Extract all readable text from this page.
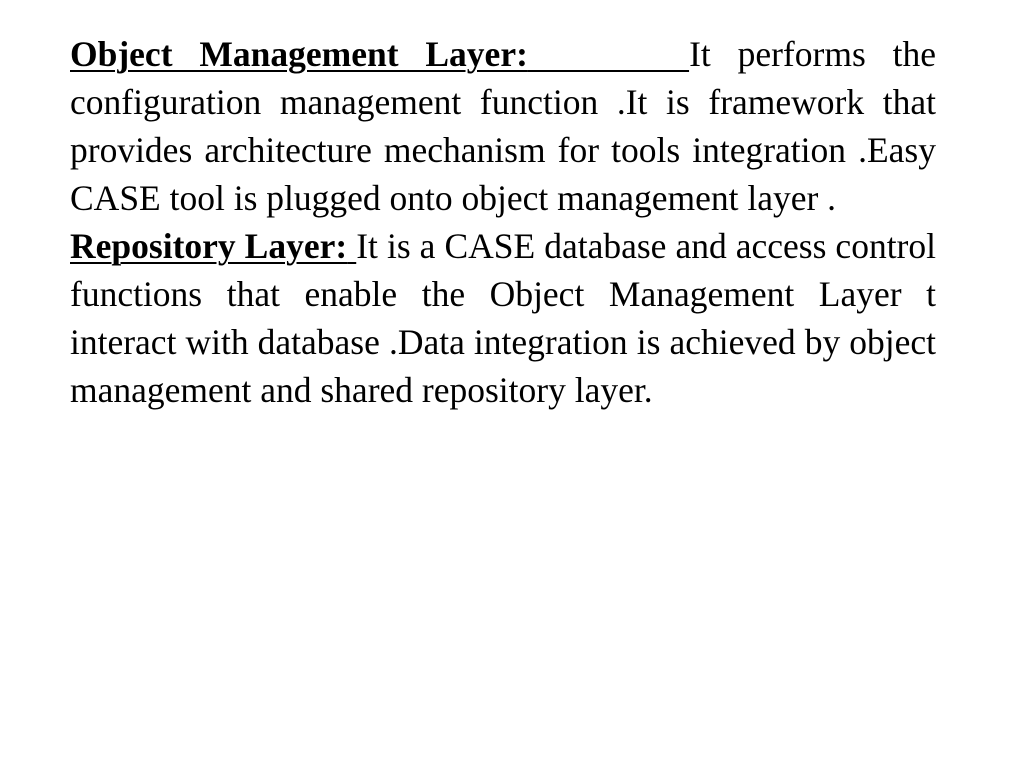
Object Management Layer:	It performs the configuration management function .It is framework that provides architecture mechanism for tools integration .Easy CASE tool is plugged onto object management layer .

Repository Layer: It is a CASE database and access control functions that enable the Object Management Layer t interact with database .Data integration is achieved by object management and shared repository layer.
